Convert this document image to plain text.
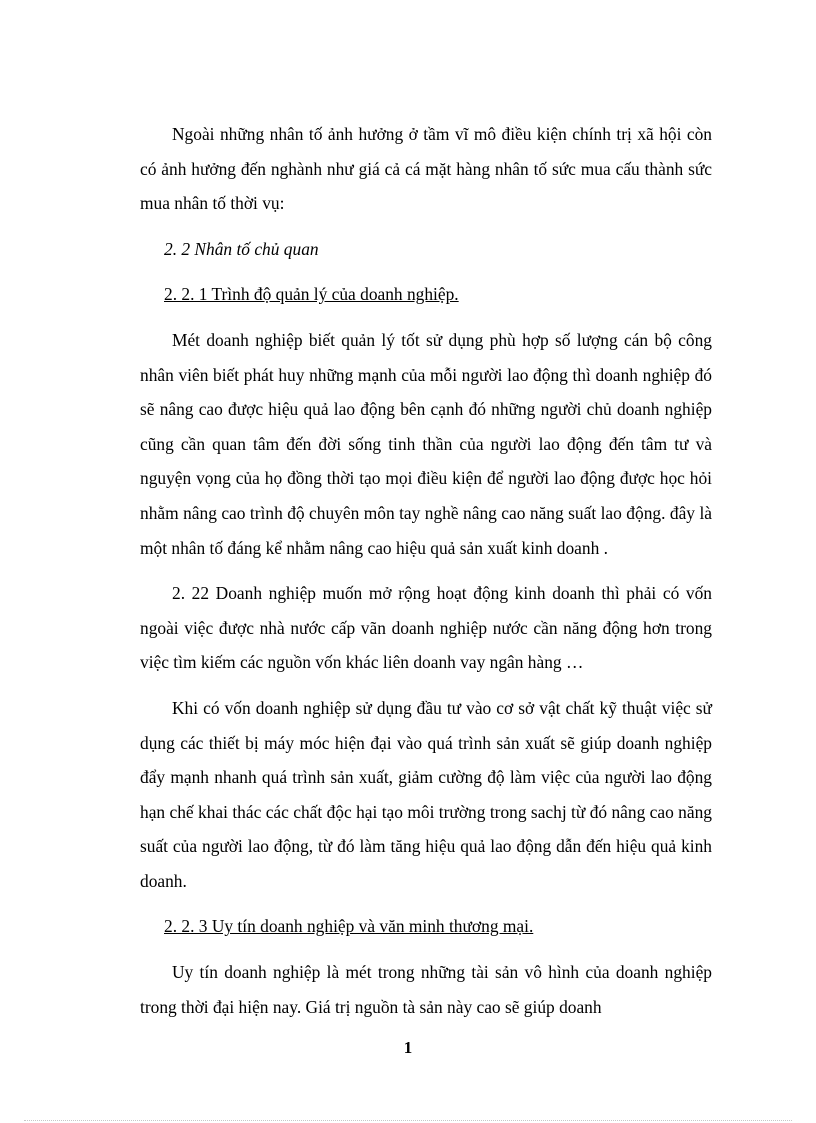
Ngoài những nhân tố ảnh hưởng ở tầm vĩ mô điều kiện chính trị xã hội còn có ảnh hưởng đến nghành như giá cả cá mặt hàng nhân tố sức mua cấu thành sức mua nhân tố thời vụ:

2. 2 Nhân tố chủ quan

2. 2. 1 Trình độ quản lý của doanh nghiệp.

Mét doanh nghiệp biết quản lý tốt sử dụng phù hợp số lượng cán bộ công nhân viên biết phát huy những mạnh của mỗi người lao động thì doanh nghiệp đó sẽ nâng cao được hiệu quả lao động bên cạnh đó những người chủ doanh nghiệp cũng cần quan tâm đến đời sống tinh thần của người lao động đến tâm tư và nguyện vọng của họ đồng thời tạo mọi điều kiện để người lao động được học hỏi nhằm nâng cao trình độ chuyên môn tay nghề nâng cao năng suất lao động. đây là một nhân tố đáng kể nhằm nâng cao hiệu quả sản xuất kinh doanh .

2. 22 Doanh nghiệp muốn mở rộng hoạt động kinh doanh thì phải có vốn ngoài việc được nhà nước cấp vãn doanh nghiệp nước cần năng động hơn trong việc tìm kiếm các nguồn vốn khác liên doanh vay ngân hàng …

Khi có vốn doanh nghiệp sử dụng đầu tư vào cơ sở vật chất kỹ thuật việc sử dụng các thiết bị máy móc hiện đại vào quá trình sản xuất sẽ giúp doanh nghiệp đẩy mạnh nhanh quá trình sản xuất, giảm cường độ làm việc của người lao động hạn chế khai thác các chất độc hại tạo môi trường trong sachj từ đó nâng cao năng suất của người lao động, từ đó làm tăng hiệu quả lao động dẫn đến hiệu quả kinh doanh.

2. 2. 3 Uy tín doanh nghiệp và văn minh thương mại.

Uy tín doanh nghiệp là mét trong những tài sản vô hình của doanh nghiệp trong thời đại hiện nay. Giá trị nguồn tà sản này cao sẽ giúp doanh

1
